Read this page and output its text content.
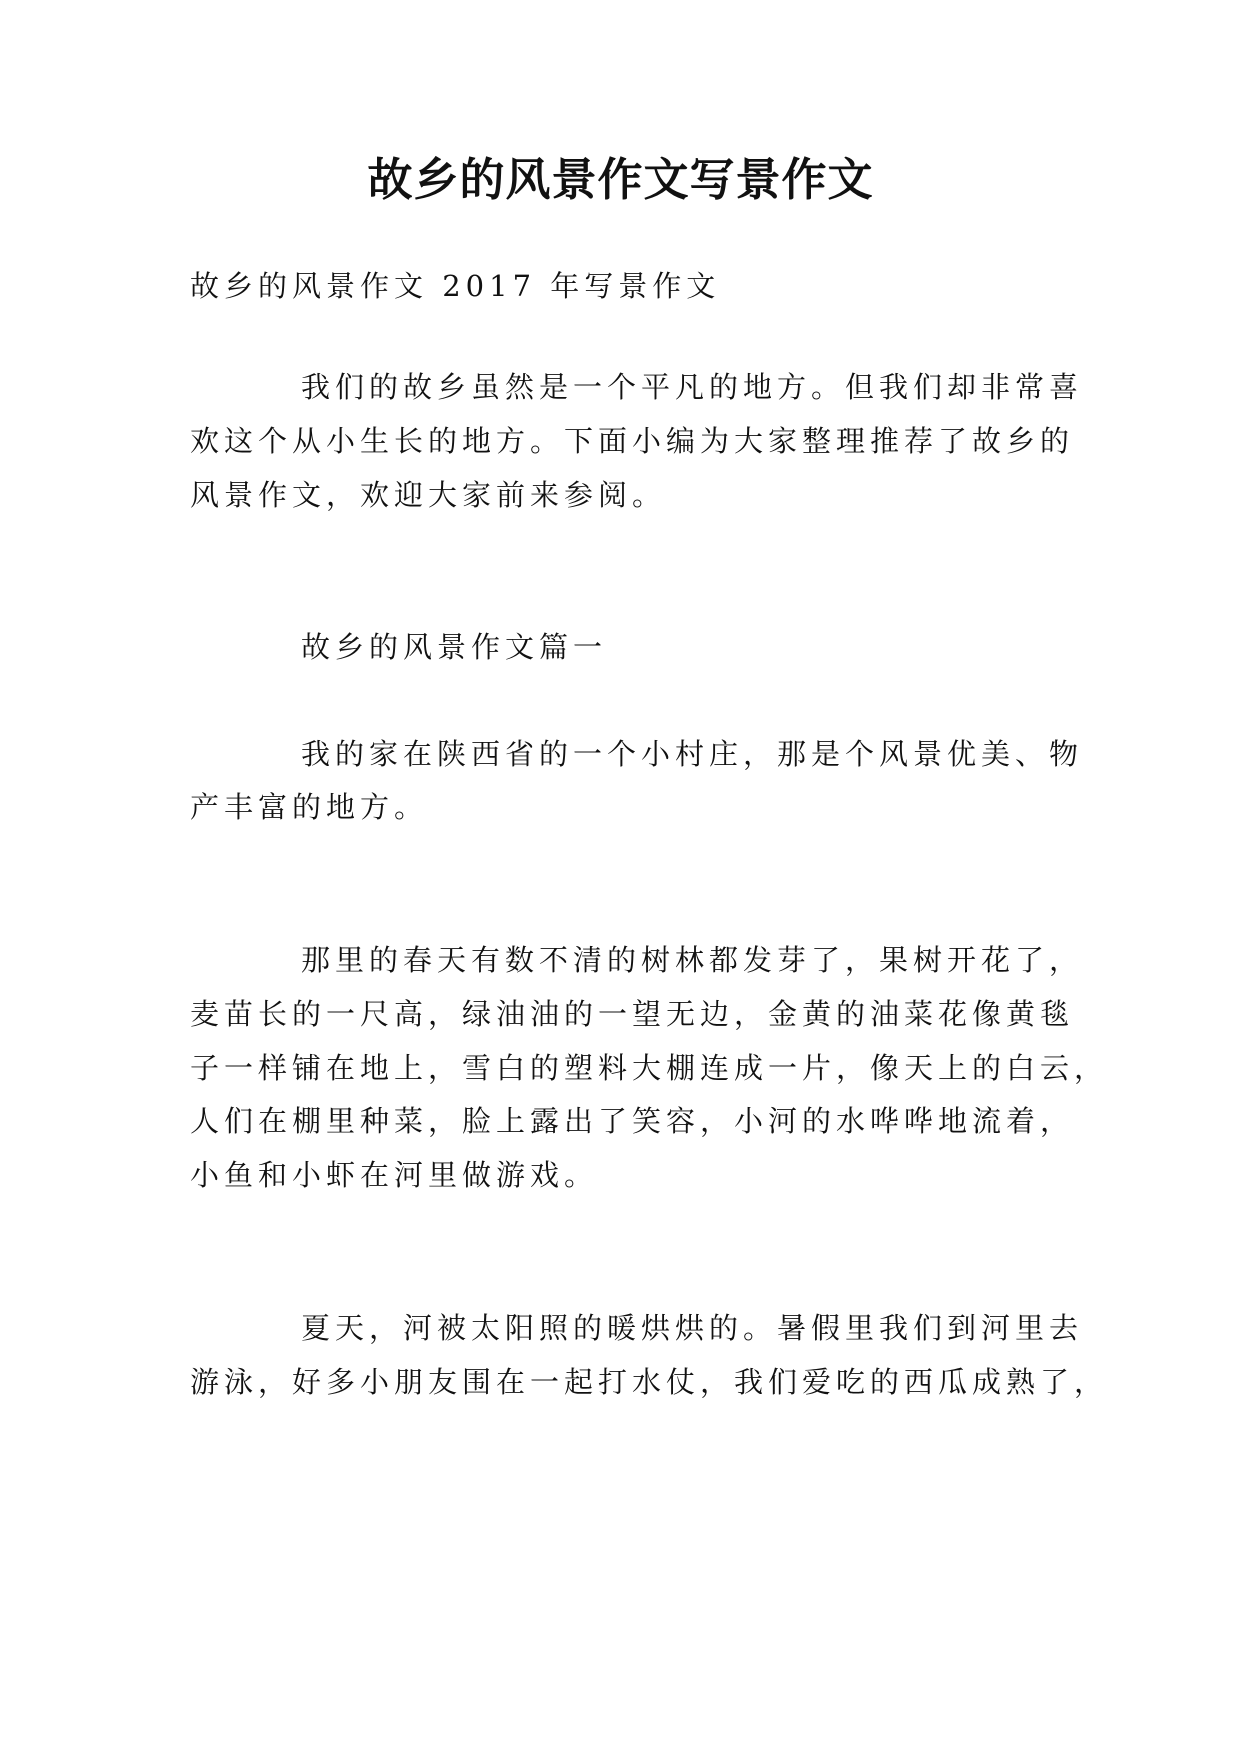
故乡的风景作文写景作文
故乡的风景作文 2017 年写景作文
我们的故乡虽然是一个平凡的地方。但我们却非常喜
欢这个从小生长的地方。下面小编为大家整理推荐了故乡的
风景作文，欢迎大家前来参阅。
故乡的风景作文篇一
我的家在陕西省的一个小村庄，那是个风景优美、物
产丰富的地方。
那里的春天有数不清的树林都发芽了，果树开花了，
麦苗长的一尺高，绿油油的一望无边，金黄的油菜花像黄毯
子一样铺在地上，雪白的塑料大棚连成一片，像天上的白云，
人们在棚里种菜，脸上露出了笑容，小河的水哗哗地流着，
小鱼和小虾在河里做游戏。
夏天，河被太阳照的暖烘烘的。暑假里我们到河里去
游泳，好多小朋友围在一起打水仗，我们爱吃的西瓜成熟了，
